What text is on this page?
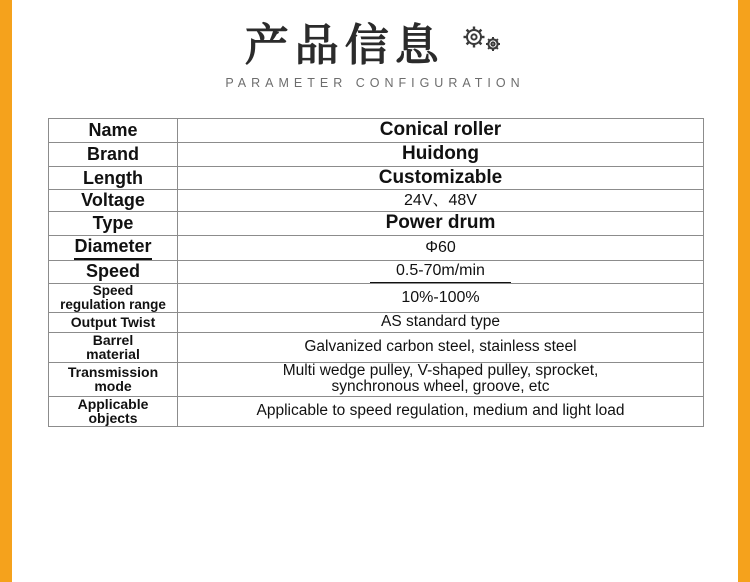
产品信息
PARAMETER CONFIGURATION
Name	Conical roller
Brand	Huidong
Length	Customizable
Voltage	24V、48V
Type	Power drum
Diameter	Φ60
Speed	0.5-70m/min

Speed
regulation range	10%-100%
Output Twist	AS standard type

Barrel
material	Galvanized carbon steel, stainless steel

Transmission
mode	Multi wedge pulley, V-shaped pulley, sprocket,
synchronous wheel, groove, etc

Applicable
objects	Applicable to speed regulation, medium and light load
